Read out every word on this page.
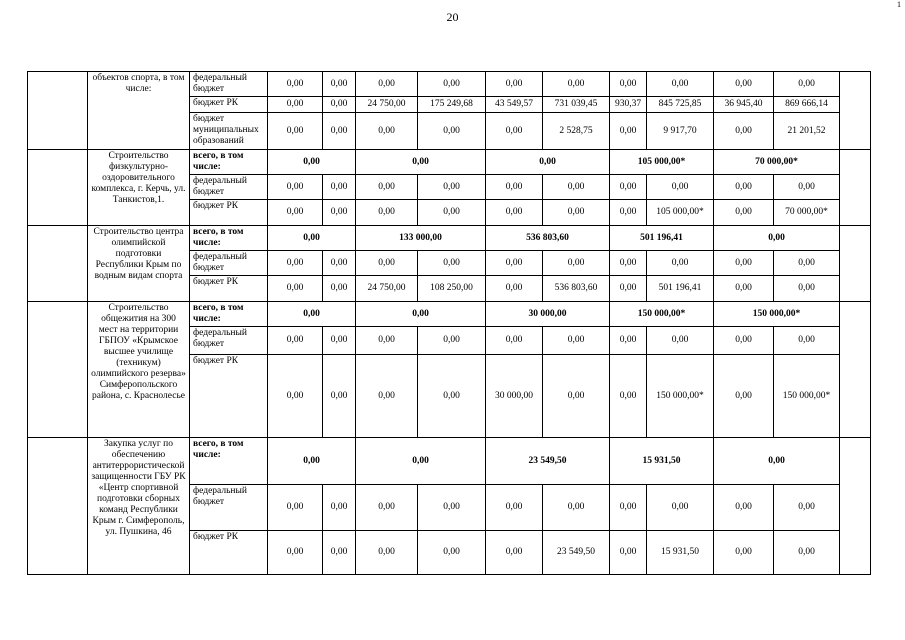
20
1
	объектов спорта, в том числе:	федеральный бюджет	0,00	0,00	0,00	0,00	0,00	0,00	0,00	0,00	0,00	0,00	
		бюджет РК	0,00	0,00	24 750,00	175 249,68	43 549,57	731 039,45	930,37	845 725,85	36 945,40	869 666,14	
		бюджет муниципальных образований	0,00	0,00	0,00	0,00	0,00	2 528,75	0,00	9 917,70	0,00	21 201,52	
	Строительство физкультурно-оздоровительного комплекса, г. Керчь, ул. Танкистов,1.	всего, в том числе:	0,00		0,00		0,00		105 000,00*		70 000,00*		
		федеральный бюджет	0,00	0,00	0,00	0,00	0,00	0,00	0,00	0,00	0,00	0,00	
		бюджет РК	0,00	0,00	0,00	0,00	0,00	0,00	0,00	105 000,00*	0,00	70 000,00*	
	Строительство центра олимпийской подготовки Республики Крым по водным видам спорта	всего, в том числе:	0,00		133 000,00		536 803,60		501 196,41		0,00		
		федеральный бюджет	0,00	0,00	0,00	0,00	0,00	0,00	0,00	0,00	0,00	0,00	
		бюджет РК	0,00	0,00	24 750,00	108 250,00	0,00	536 803,60	0,00	501 196,41	0,00	0,00	
	Строительство общежития на 300 мест на территории ГБПОУ «Крымское высшее училище (техникум) олимпийского резерва» Симферопольского района, с. Краснолесье	всего, в том числе:	0,00		0,00		30 000,00		150 000,00*		150 000,00*		
		федеральный бюджет	0,00	0,00	0,00	0,00	0,00	0,00	0,00	0,00	0,00	0,00	
		бюджет РК	0,00	0,00	0,00	0,00	30 000,00	0,00	0,00	150 000,00*	0,00	150 000,00*	
	Закупка услуг по обеспечению антитеррористической защищенности ГБУ РК «Центр спортивной подготовки сборных команд Республики Крым г. Симферополь, ул. Пушкина, 46	всего, в том числе:	0,00		0,00		23 549,50		15 931,50		0,00		
		федеральный бюджет	0,00	0,00	0,00	0,00	0,00	0,00	0,00	0,00	0,00	0,00	
		бюджет РК	0,00	0,00	0,00	0,00	0,00	23 549,50	0,00	15 931,50	0,00	0,00	
